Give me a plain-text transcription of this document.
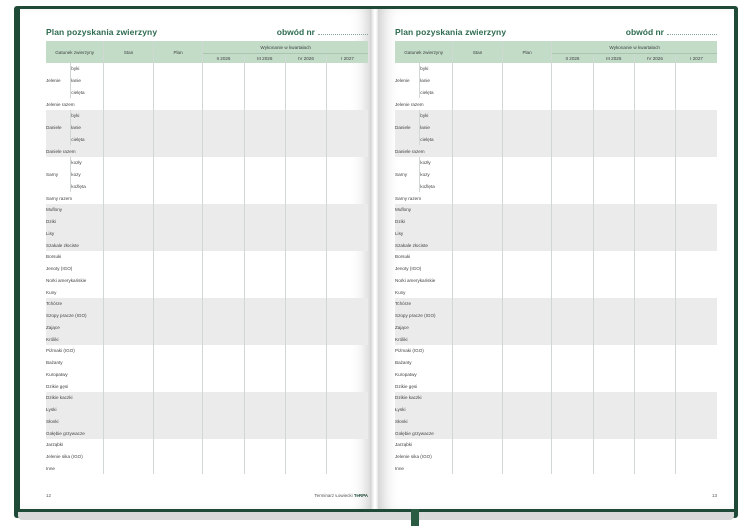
Plan pozyskania zwierzyny	obwód nr
Gatunek zwierzyny		Stan	Plan	Wykonanie w kwartałach			
				II 2026	III 2026	IV 2026	I 2027
	byki						
Jelenie	łanie						
	cielęta						
Jelenie razem							
	byki						
Daniele	łanie						
	cielęta						
Daniele razem							
	kozły						
Sarny	kozy						
	koźlęta						
Sarny razem							
Muflony							
Dziki							
Lisy							
Szakale złociste							
Borsuki							
Jenoty (IGO)							
Norki amerykańskie							
Kuny							
Tchórze							
Szopy pracze (IGO)							
Zające							
Króliki							
Piżmaki (IGO)							
Bażanty							
Kuropatwy							
Dzikie gęsi							
Dzikie kaczki							
Łyski							
Słonki							
Gołębie grzywacze							
Jarząbki							
Jelenie sika (IGO)							
Inne							
12	Terminarz Łowiecki TeRPA
Plan pozyskania zwierzyny	obwód nr
Gatunek zwierzyny		Stan	Plan	Wykonanie w kwartałach			
				II 2026	III 2026	IV 2026	I 2027
	byki						
Jelenie	łanie						
	cielęta						
Jelenie razem							
	byki						
Daniele	łanie						
	cielęta						
Daniele razem							
	kozły						
Sarny	kozy						
	koźlęta						
Sarny razem							
Muflony							
Dziki							
Lisy							
Szakale złociste							
Borsuki							
Jenoty (IGO)							
Norki amerykańskie							
Kuny							
Tchórze							
Szopy pracze (IGO)							
Zające							
Króliki							
Piżmaki (IGO)							
Bażanty							
Kuropatwy							
Dzikie gęsi							
Dzikie kaczki							
Łyski							
Słonki							
Gołębie grzywacze							
Jarząbki							
Jelenie sika (IGO)							
Inne							
13
